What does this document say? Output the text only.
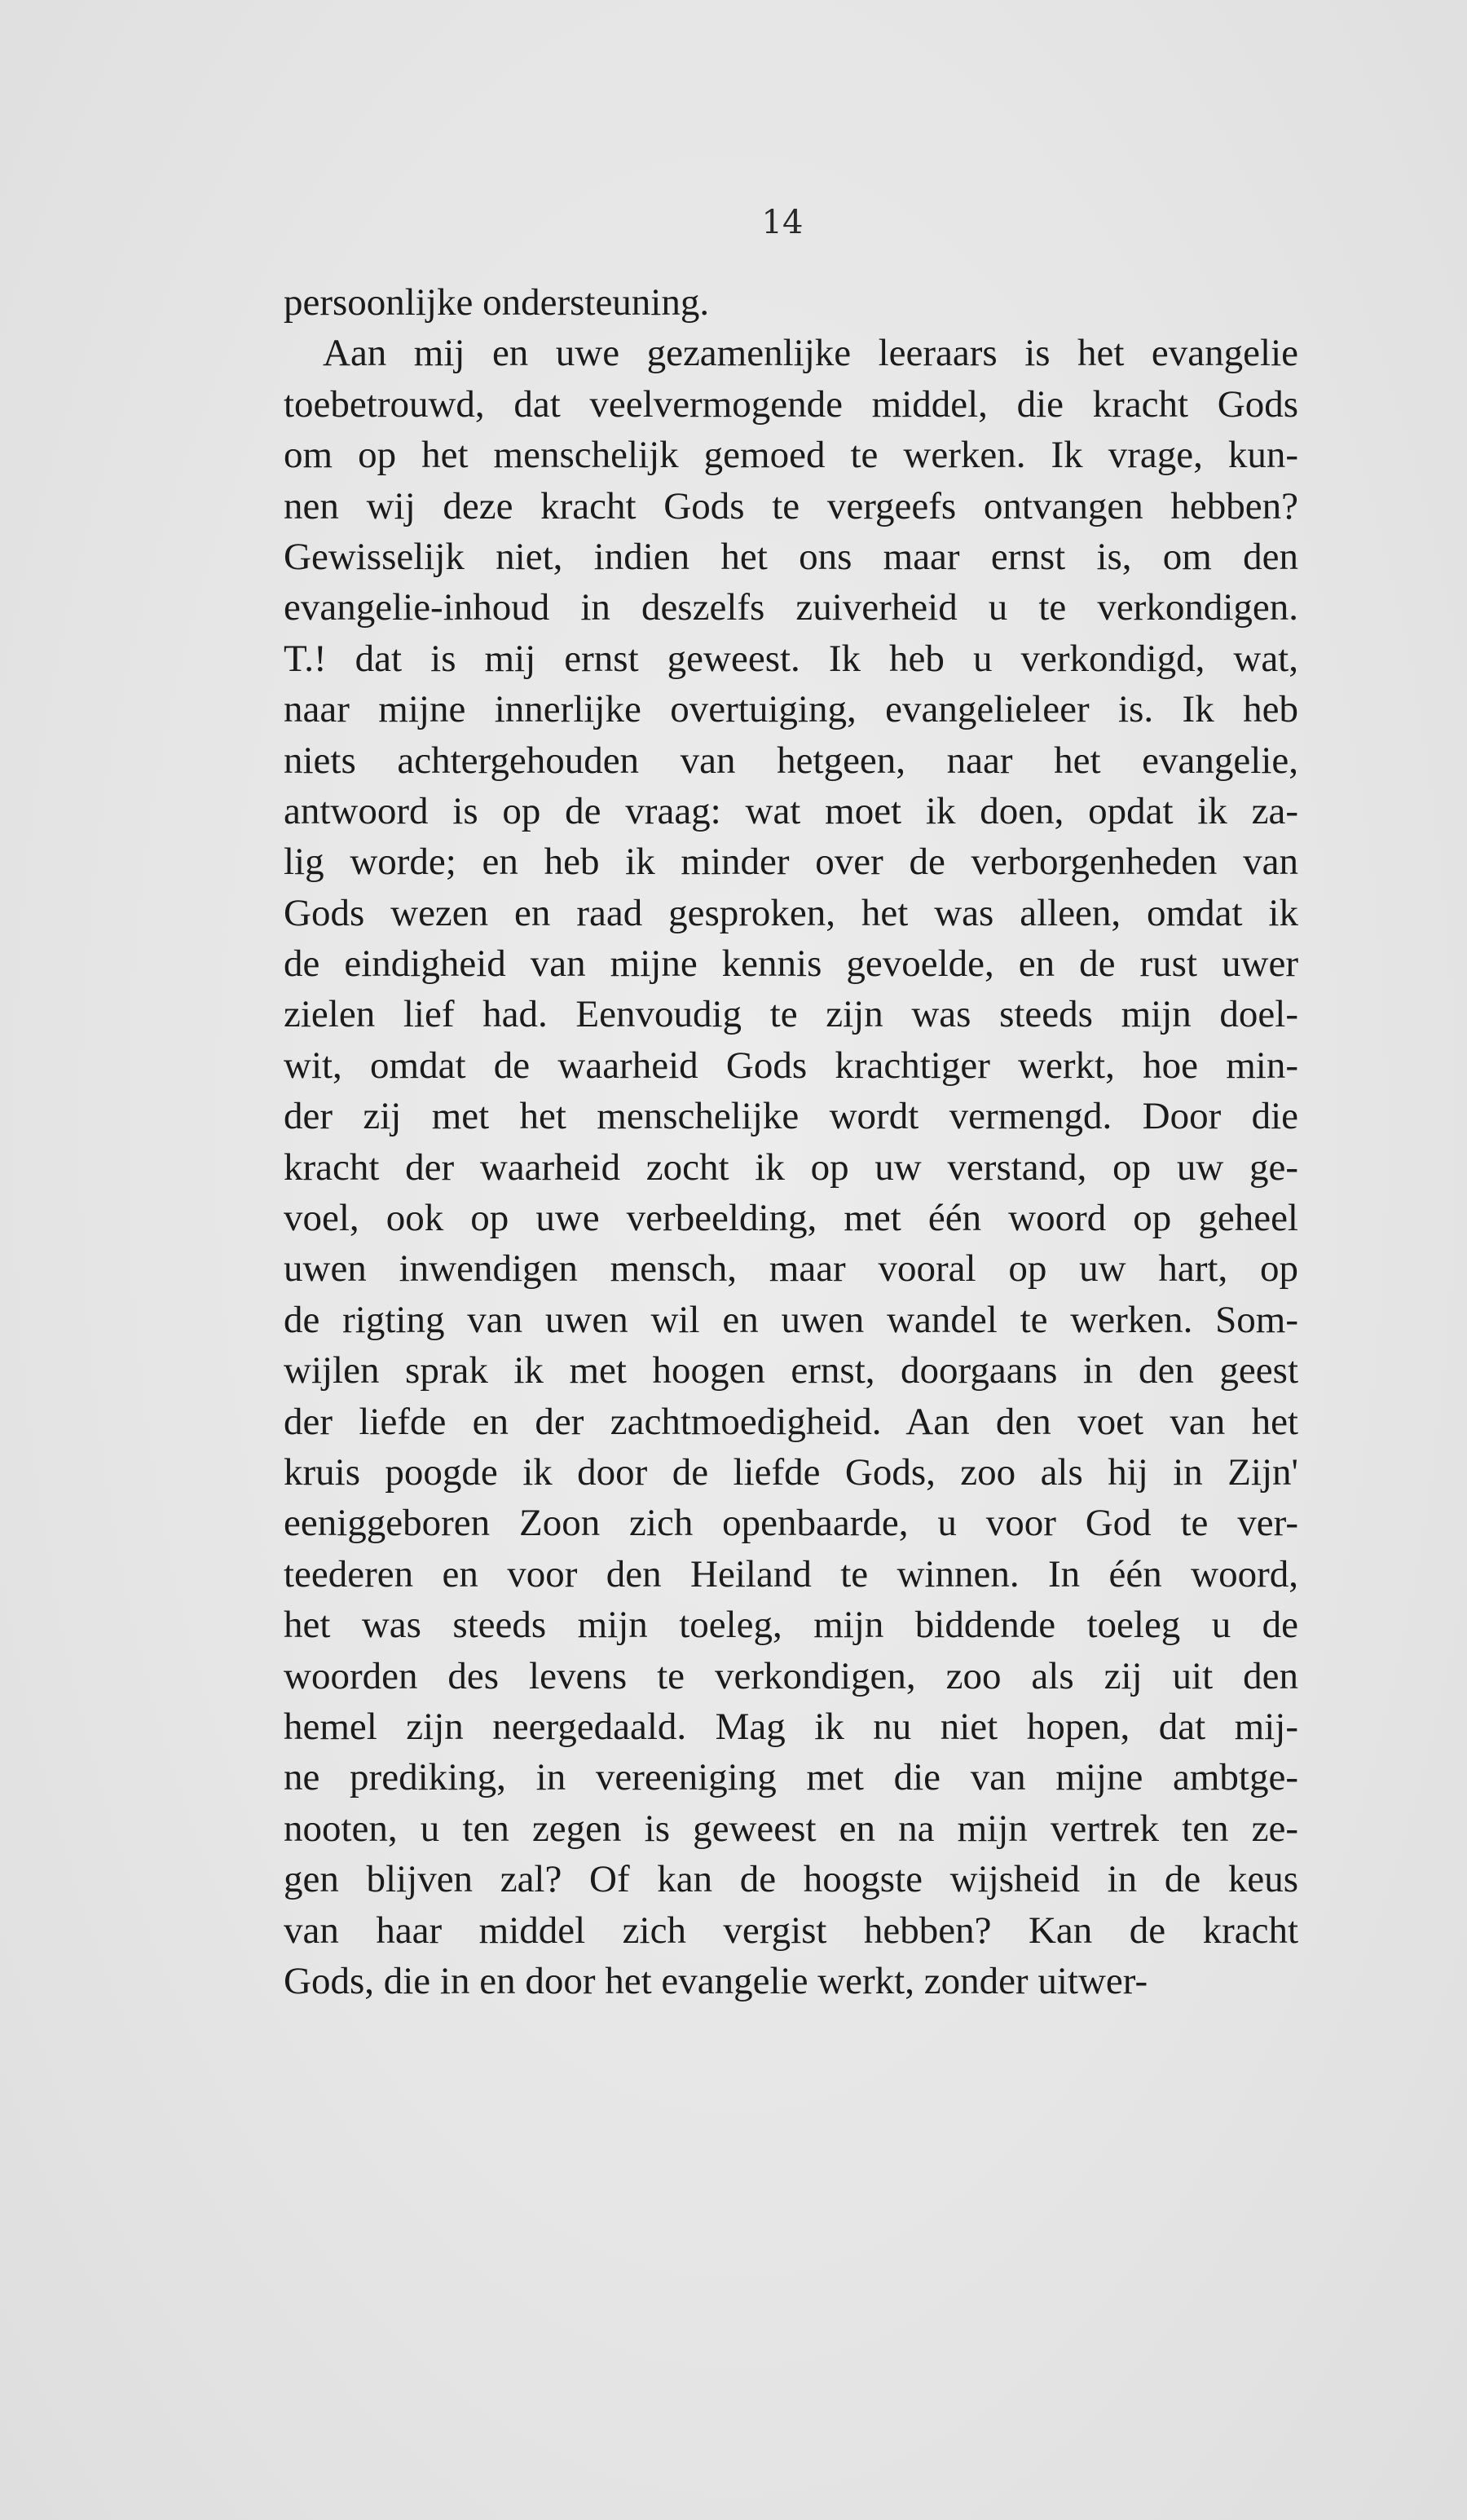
14
persoonlijke ondersteuning.
Aan mij en uwe gezamenlijke leeraars is het evangelie
toebetrouwd, dat veelvermogende middel, die kracht Gods
om op het menschelijk gemoed te werken. Ik vrage, kun-
nen wij deze kracht Gods te vergeefs ontvangen hebben?
Gewisselijk niet, indien het ons maar ernst is, om den
evangelie-inhoud in deszelfs zuiverheid u te verkondigen.
T.! dat is mij ernst geweest. Ik heb u verkondigd, wat,
naar mijne innerlijke overtuiging, evangelieleer is. Ik heb
niets achtergehouden van hetgeen, naar het evangelie,
antwoord is op de vraag: wat moet ik doen, opdat ik za-
lig worde; en heb ik minder over de verborgenheden van
Gods wezen en raad gesproken, het was alleen, omdat ik
de eindigheid van mijne kennis gevoelde, en de rust uwer
zielen lief had. Eenvoudig te zijn was steeds mijn doel-
wit, omdat de waarheid Gods krachtiger werkt, hoe min-
der zij met het menschelijke wordt vermengd. Door die
kracht der waarheid zocht ik op uw verstand, op uw ge-
voel, ook op uwe verbeelding, met één woord op geheel
uwen inwendigen mensch, maar vooral op uw hart, op
de rigting van uwen wil en uwen wandel te werken. Som-
wijlen sprak ik met hoogen ernst, doorgaans in den geest
der liefde en der zachtmoedigheid. Aan den voet van het
kruis poogde ik door de liefde Gods, zoo als hij in Zijn'
eeniggeboren Zoon zich openbaarde, u voor God te ver-
teederen en voor den Heiland te winnen. In één woord,
het was steeds mijn toeleg, mijn biddende toeleg u de
woorden des levens te verkondigen, zoo als zij uit den
hemel zijn neergedaald. Mag ik nu niet hopen, dat mij-
ne prediking, in vereeniging met die van mijne ambtge-
nooten, u ten zegen is geweest en na mijn vertrek ten ze-
gen blijven zal? Of kan de hoogste wijsheid in de keus
van haar middel zich vergist hebben? Kan de kracht
Gods, die in en door het evangelie werkt, zonder uitwer-
